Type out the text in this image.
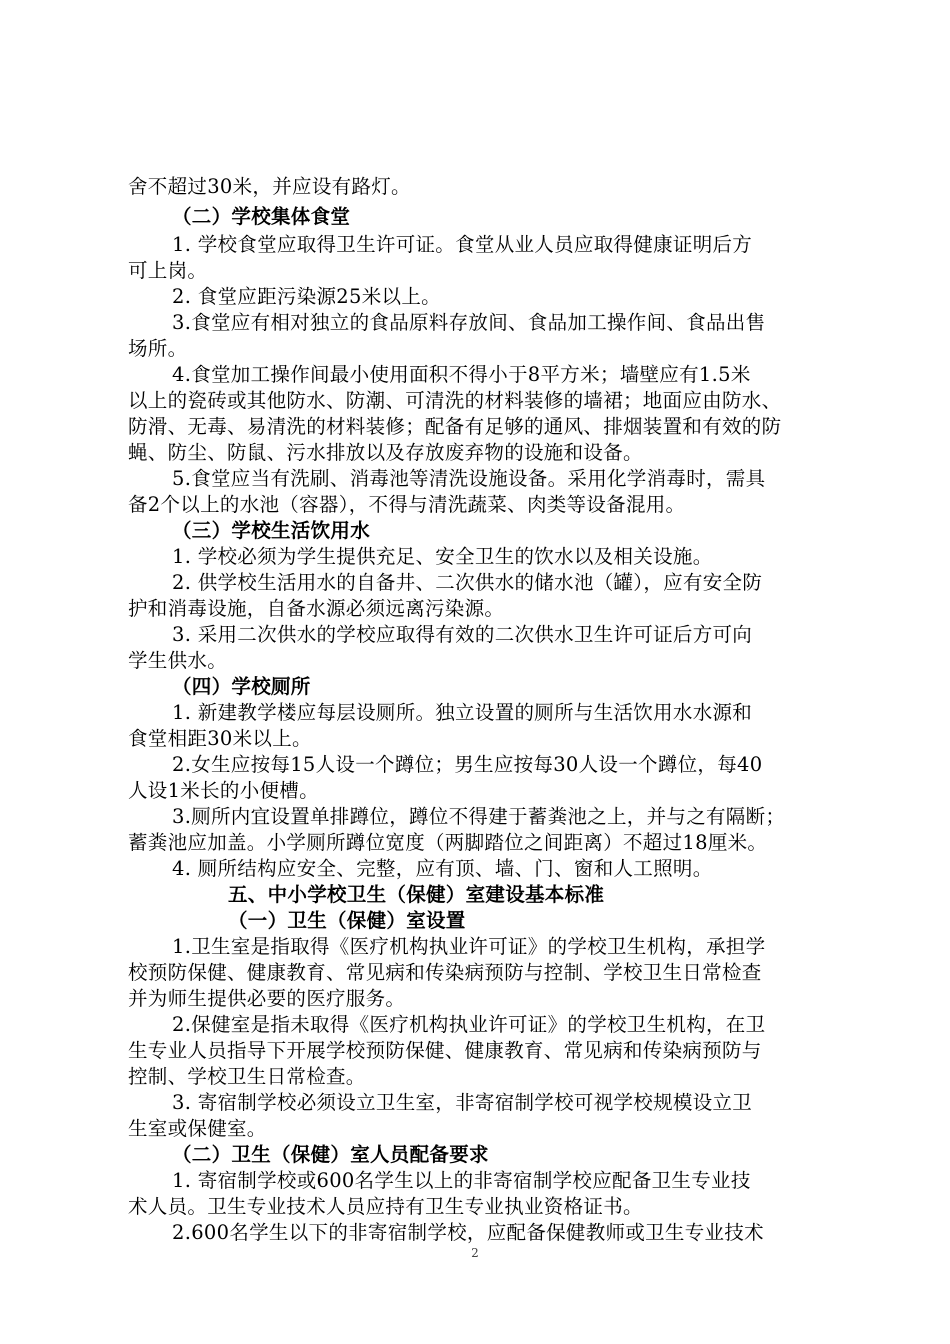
舍不超过30米，并应设有路灯。
（二）学校集体食堂
1. 学校食堂应取得卫生许可证。食堂从业人员应取得健康证明后方
可上岗。
2. 食堂应距污染源25米以上。
3.食堂应有相对独立的食品原料存放间、食品加工操作间、食品出售
场所。
4.食堂加工操作间最小使用面积不得小于8平方米；墙壁应有1.5米
以上的瓷砖或其他防水、防潮、可清洗的材料装修的墙裙；地面应由防水、
防滑、无毒、易清洗的材料装修；配备有足够的通风、排烟装置和有效的防
蝇、防尘、防鼠、污水排放以及存放废弃物的设施和设备。
5.食堂应当有洗刷、消毒池等清洗设施设备。采用化学消毒时，需具
备2个以上的水池（容器），不得与清洗蔬菜、肉类等设备混用。
（三）学校生活饮用水
1. 学校必须为学生提供充足、安全卫生的饮水以及相关设施。
2. 供学校生活用水的自备井、二次供水的储水池（罐），应有安全防
护和消毒设施，自备水源必须远离污染源。
3. 采用二次供水的学校应取得有效的二次供水卫生许可证后方可向
学生供水。
（四）学校厕所
1. 新建教学楼应每层设厕所。独立设置的厕所与生活饮用水水源和
食堂相距30米以上。
2.女生应按每15人设一个蹲位；男生应按每30人设一个蹲位，每40
人设1米长的小便槽。
3.厕所内宜设置单排蹲位，蹲位不得建于蓄粪池之上，并与之有隔断；
蓄粪池应加盖。小学厕所蹲位宽度（两脚踏位之间距离）不超过18厘米。
4. 厕所结构应安全、完整，应有顶、墙、门、窗和人工照明。
五、中小学校卫生（保健）室建设基本标准
（一）卫生（保健）室设置
1.卫生室是指取得《医疗机构执业许可证》的学校卫生机构，承担学
校预防保健、健康教育、常见病和传染病预防与控制、学校卫生日常检查
并为师生提供必要的医疗服务。
2.保健室是指未取得《医疗机构执业许可证》的学校卫生机构，在卫
生专业人员指导下开展学校预防保健、健康教育、常见病和传染病预防与
控制、学校卫生日常检查。
3. 寄宿制学校必须设立卫生室，非寄宿制学校可视学校规模设立卫
生室或保健室。
（二）卫生（保健）室人员配备要求
1. 寄宿制学校或600名学生以上的非寄宿制学校应配备卫生专业技
术人员。卫生专业技术人员应持有卫生专业执业资格证书。
2.600名学生以下的非寄宿制学校，应配备保健教师或卫生专业技术
2
